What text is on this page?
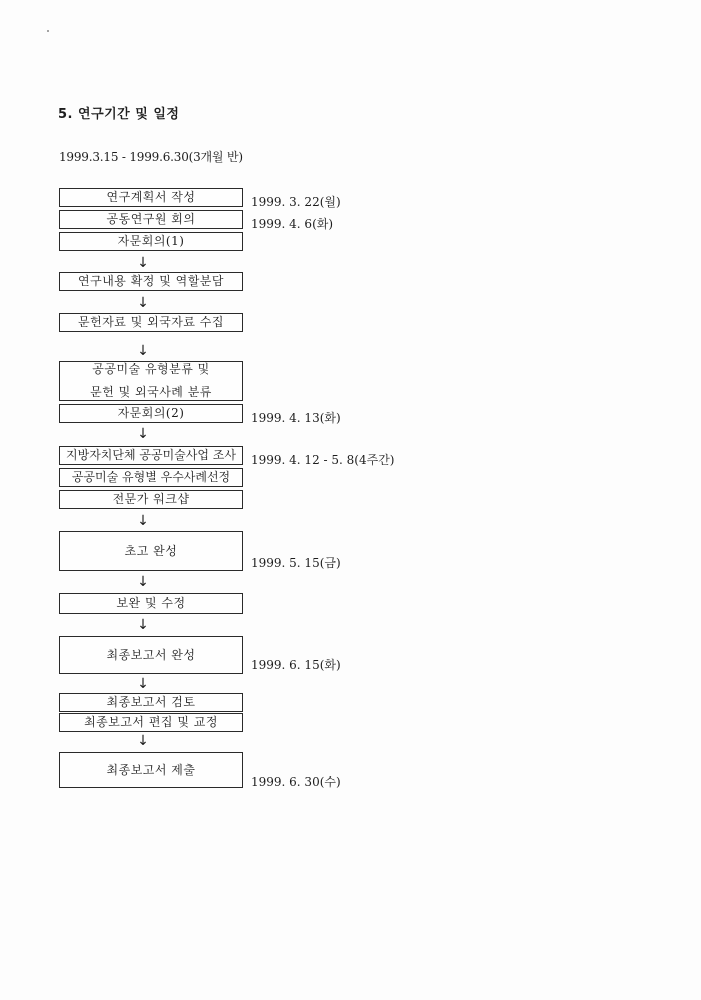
5. 연구기간 및 일정
1999.3.15 - 1999.6.30(3개월 반)
연구계획서 작성
공동연구원 회의
자문회의(1)
↓
연구내용 확정 및 역할분담
↓
문헌자료 및 외국자료 수집
↓
공공미술 유형분류 및
문헌 및 외국사례 분류
자문회의(2)
↓
지방자치단체 공공미술사업 조사
공공미술 유형별 우수사례선정
전문가 워크샵
↓
초고 완성
↓
보완 및 수정
↓
최종보고서 완성
↓
최종보고서 검토
최종보고서 편집 및 교정
↓
최종보고서 제출
1999. 3. 22(월)
1999. 4. 6(화)
1999. 4. 13(화)
1999. 4. 12 - 5. 8(4주간)
1999. 5. 15(금)
1999. 6. 15(화)
1999. 6. 30(수)
